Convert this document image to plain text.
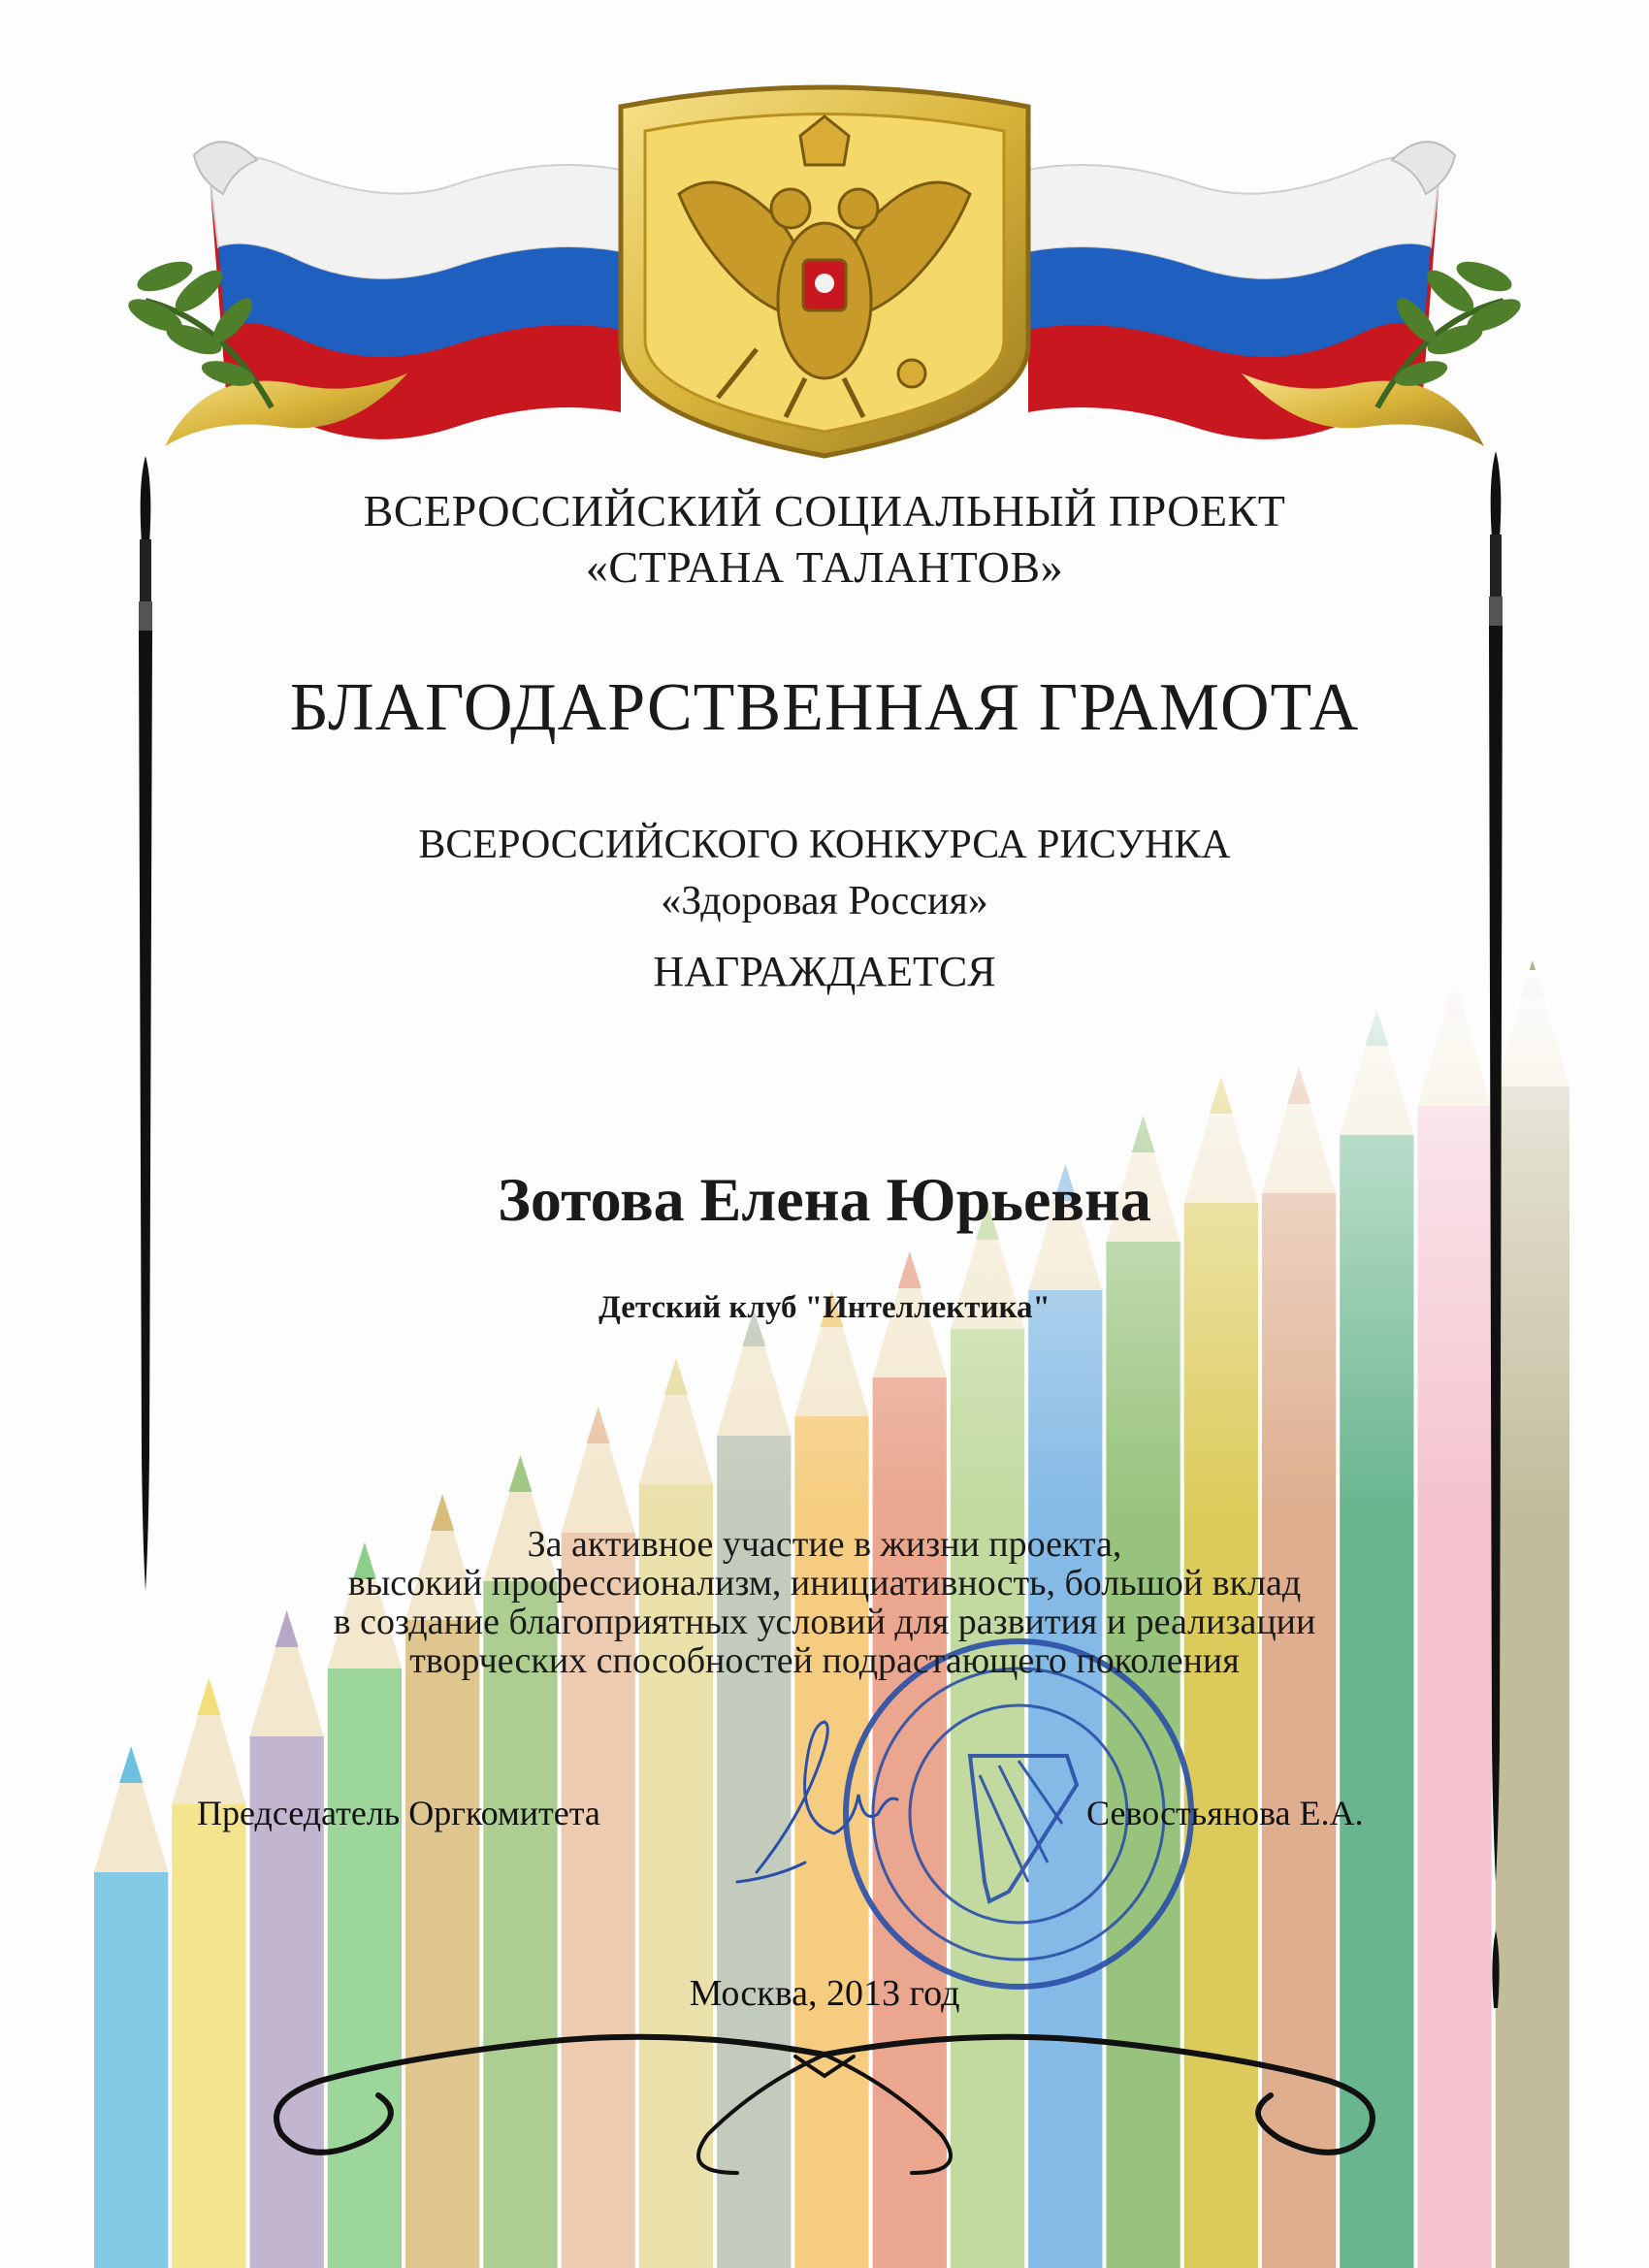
ВСЕРОССИЙСКИЙ СОЦИАЛЬНЫЙ ПРОЕКТ
«СТРАНА ТАЛАНТОВ»
БЛАГОДАРСТВЕННАЯ ГРАМОТА
ВСЕРОССИЙСКОГО КОНКУРСА РИСУНКА
«Здоровая Россия»
НАГРАЖДАЕТСЯ
Зотова Елена Юрьевна
Детский клуб "Интеллектика"
За активное участие в жизни проекта,
высокий профессионализм, инициативность, большой вклад
в создание благоприятных условий для развития и реализации
творческих способностей подрастающего поколения
Председатель Оргкомитета	Севостьянова Е.А.
Москва, 2013 год
